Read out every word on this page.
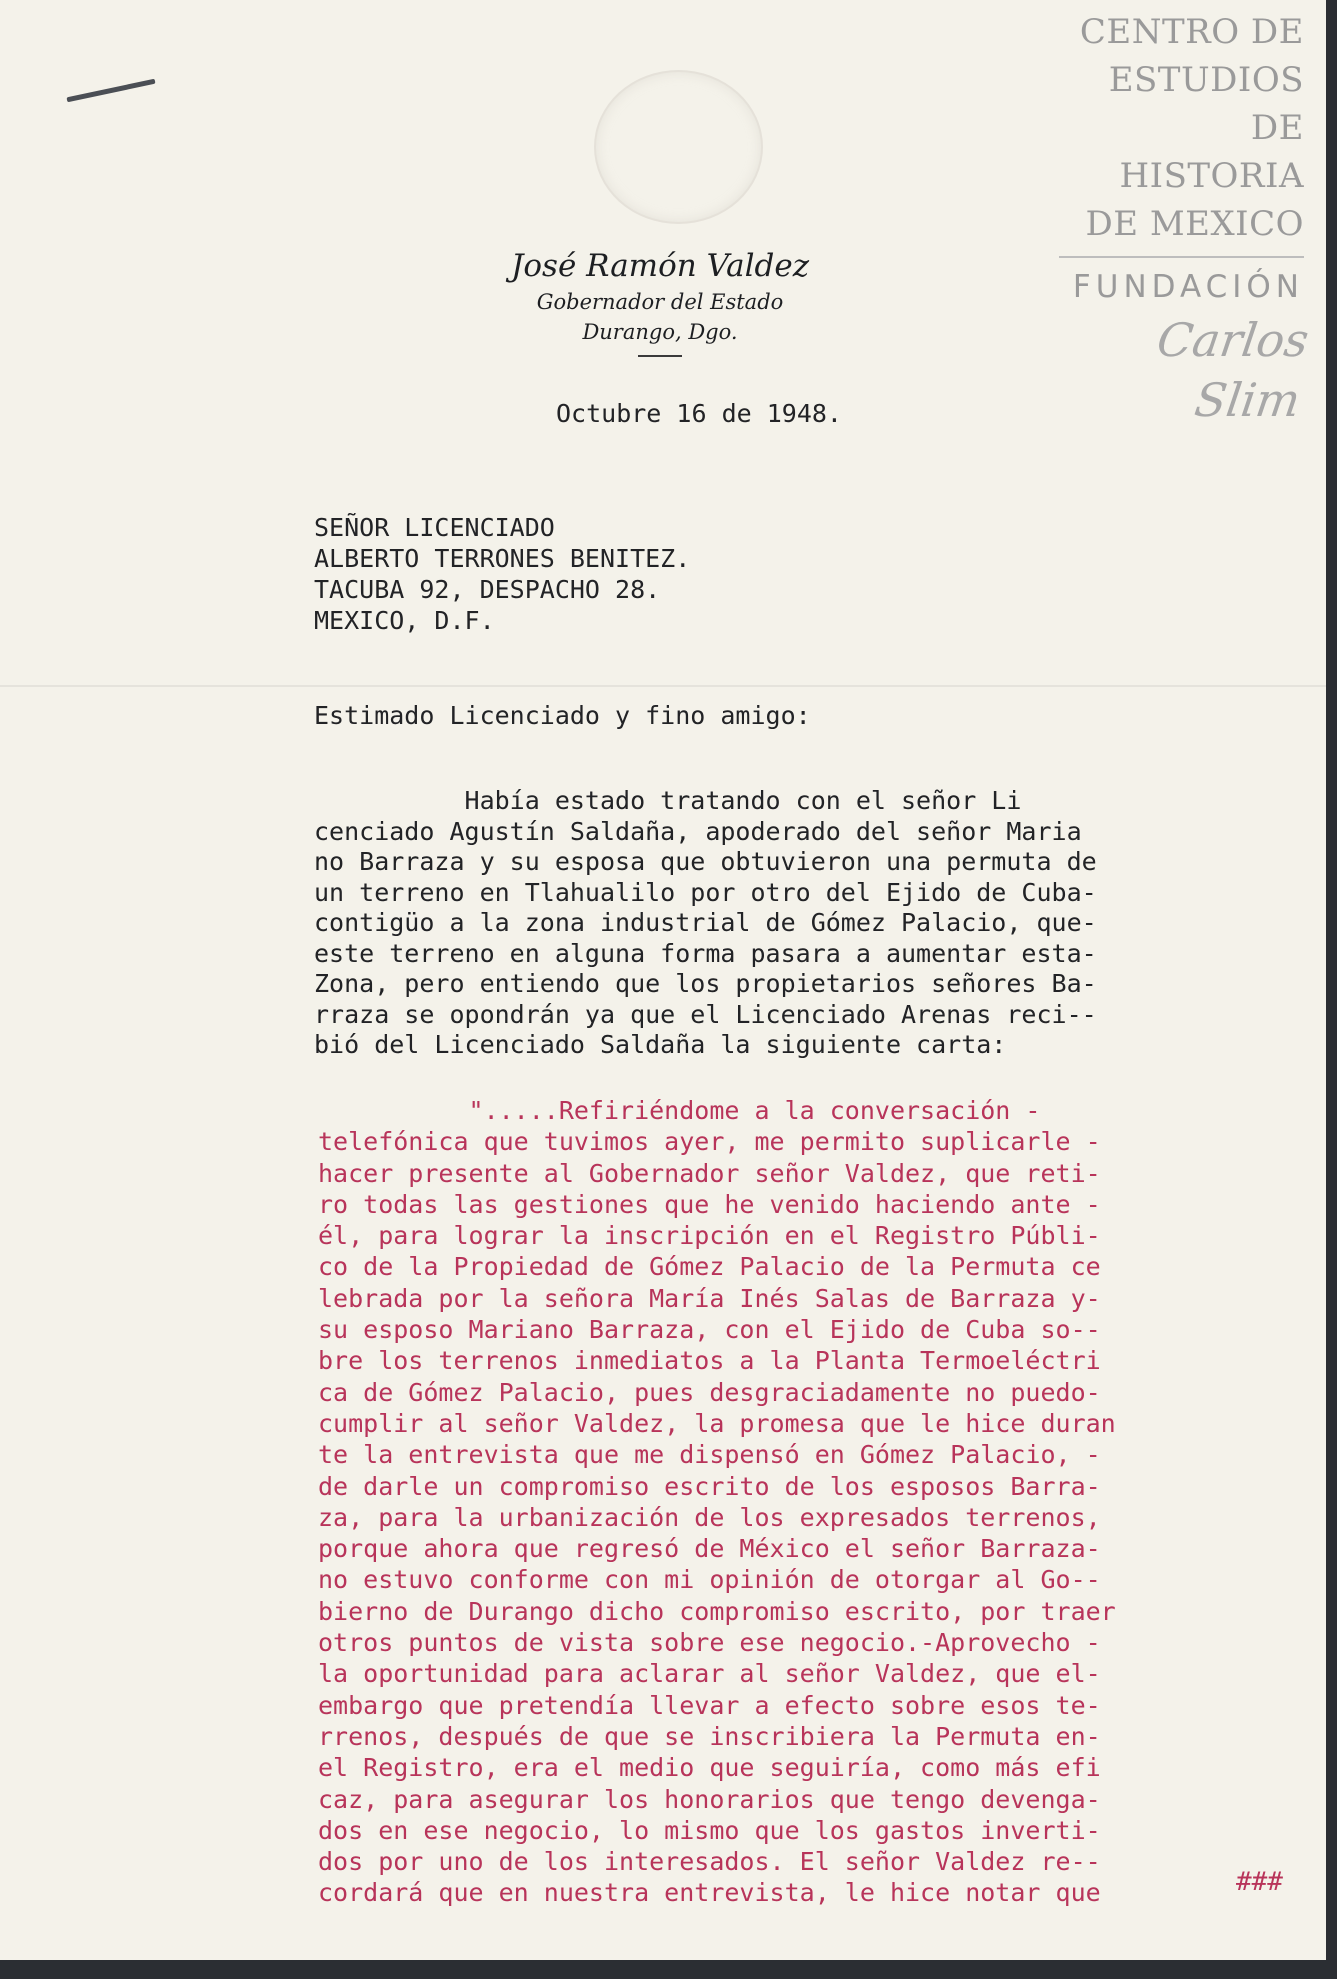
CENTRO DE
ESTUDIOS
DE HISTORIA
DE MEXICO
FUNDACIÓN
Carlos Slim
José Ramón Valdez
Gobernador del Estado
Durango, Dgo.
Octubre 16 de 1948.
SEÑOR LICENCIADO
ALBERTO TERRONES BENITEZ.
TACUBA 92, DESPACHO 28.
MEXICO, D.F.
Estimado Licenciado y fino amigo:
Había estado tratando con el señor Li
cenciado Agustín Saldaña, apoderado del señor Maria
no Barraza y su esposa que obtuvieron una permuta de
un terreno en Tlahualilo por otro del Ejido de Cuba-
contigüo a la zona industrial de Gómez Palacio, que-
este terreno en alguna forma pasara a aumentar esta-
Zona, pero entiendo que los propietarios señores Ba-
rraza se opondrán ya que el Licenciado Arenas reci--
bió del Licenciado Saldaña la siguiente carta:
".....Refiriéndome a la conversación -
telefónica que tuvimos ayer, me permito suplicarle -
hacer presente al Gobernador señor Valdez, que reti-
ro todas las gestiones que he venido haciendo ante -
él, para lograr la inscripción en el Registro Públi-
co de la Propiedad de Gómez Palacio de la Permuta ce
lebrada por la señora María Inés Salas de Barraza y-
su esposo Mariano Barraza, con el Ejido de Cuba so--
bre los terrenos inmediatos a la Planta Termoeléctri
ca de Gómez Palacio, pues desgraciadamente no puedo-
cumplir al señor Valdez, la promesa que le hice duran
te la entrevista que me dispensó en Gómez Palacio, -
de darle un compromiso escrito de los esposos Barra-
za, para la urbanización de los expresados terrenos,
porque ahora que regresó de México el señor Barraza-
no estuvo conforme con mi opinión de otorgar al Go--
bierno de Durango dicho compromiso escrito, por traer
otros puntos de vista sobre ese negocio.-Aprovecho -
la oportunidad para aclarar al señor Valdez, que el-
embargo que pretendía llevar a efecto sobre esos te-
rrenos, después de que se inscribiera la Permuta en-
el Registro, era el medio que seguiría, como más efi
caz, para asegurar los honorarios que tengo devenga-
dos en ese negocio, lo mismo que los gastos inverti-
dos por uno de los interesados. El señor Valdez re--
cordará que en nuestra entrevista, le hice notar que	###
